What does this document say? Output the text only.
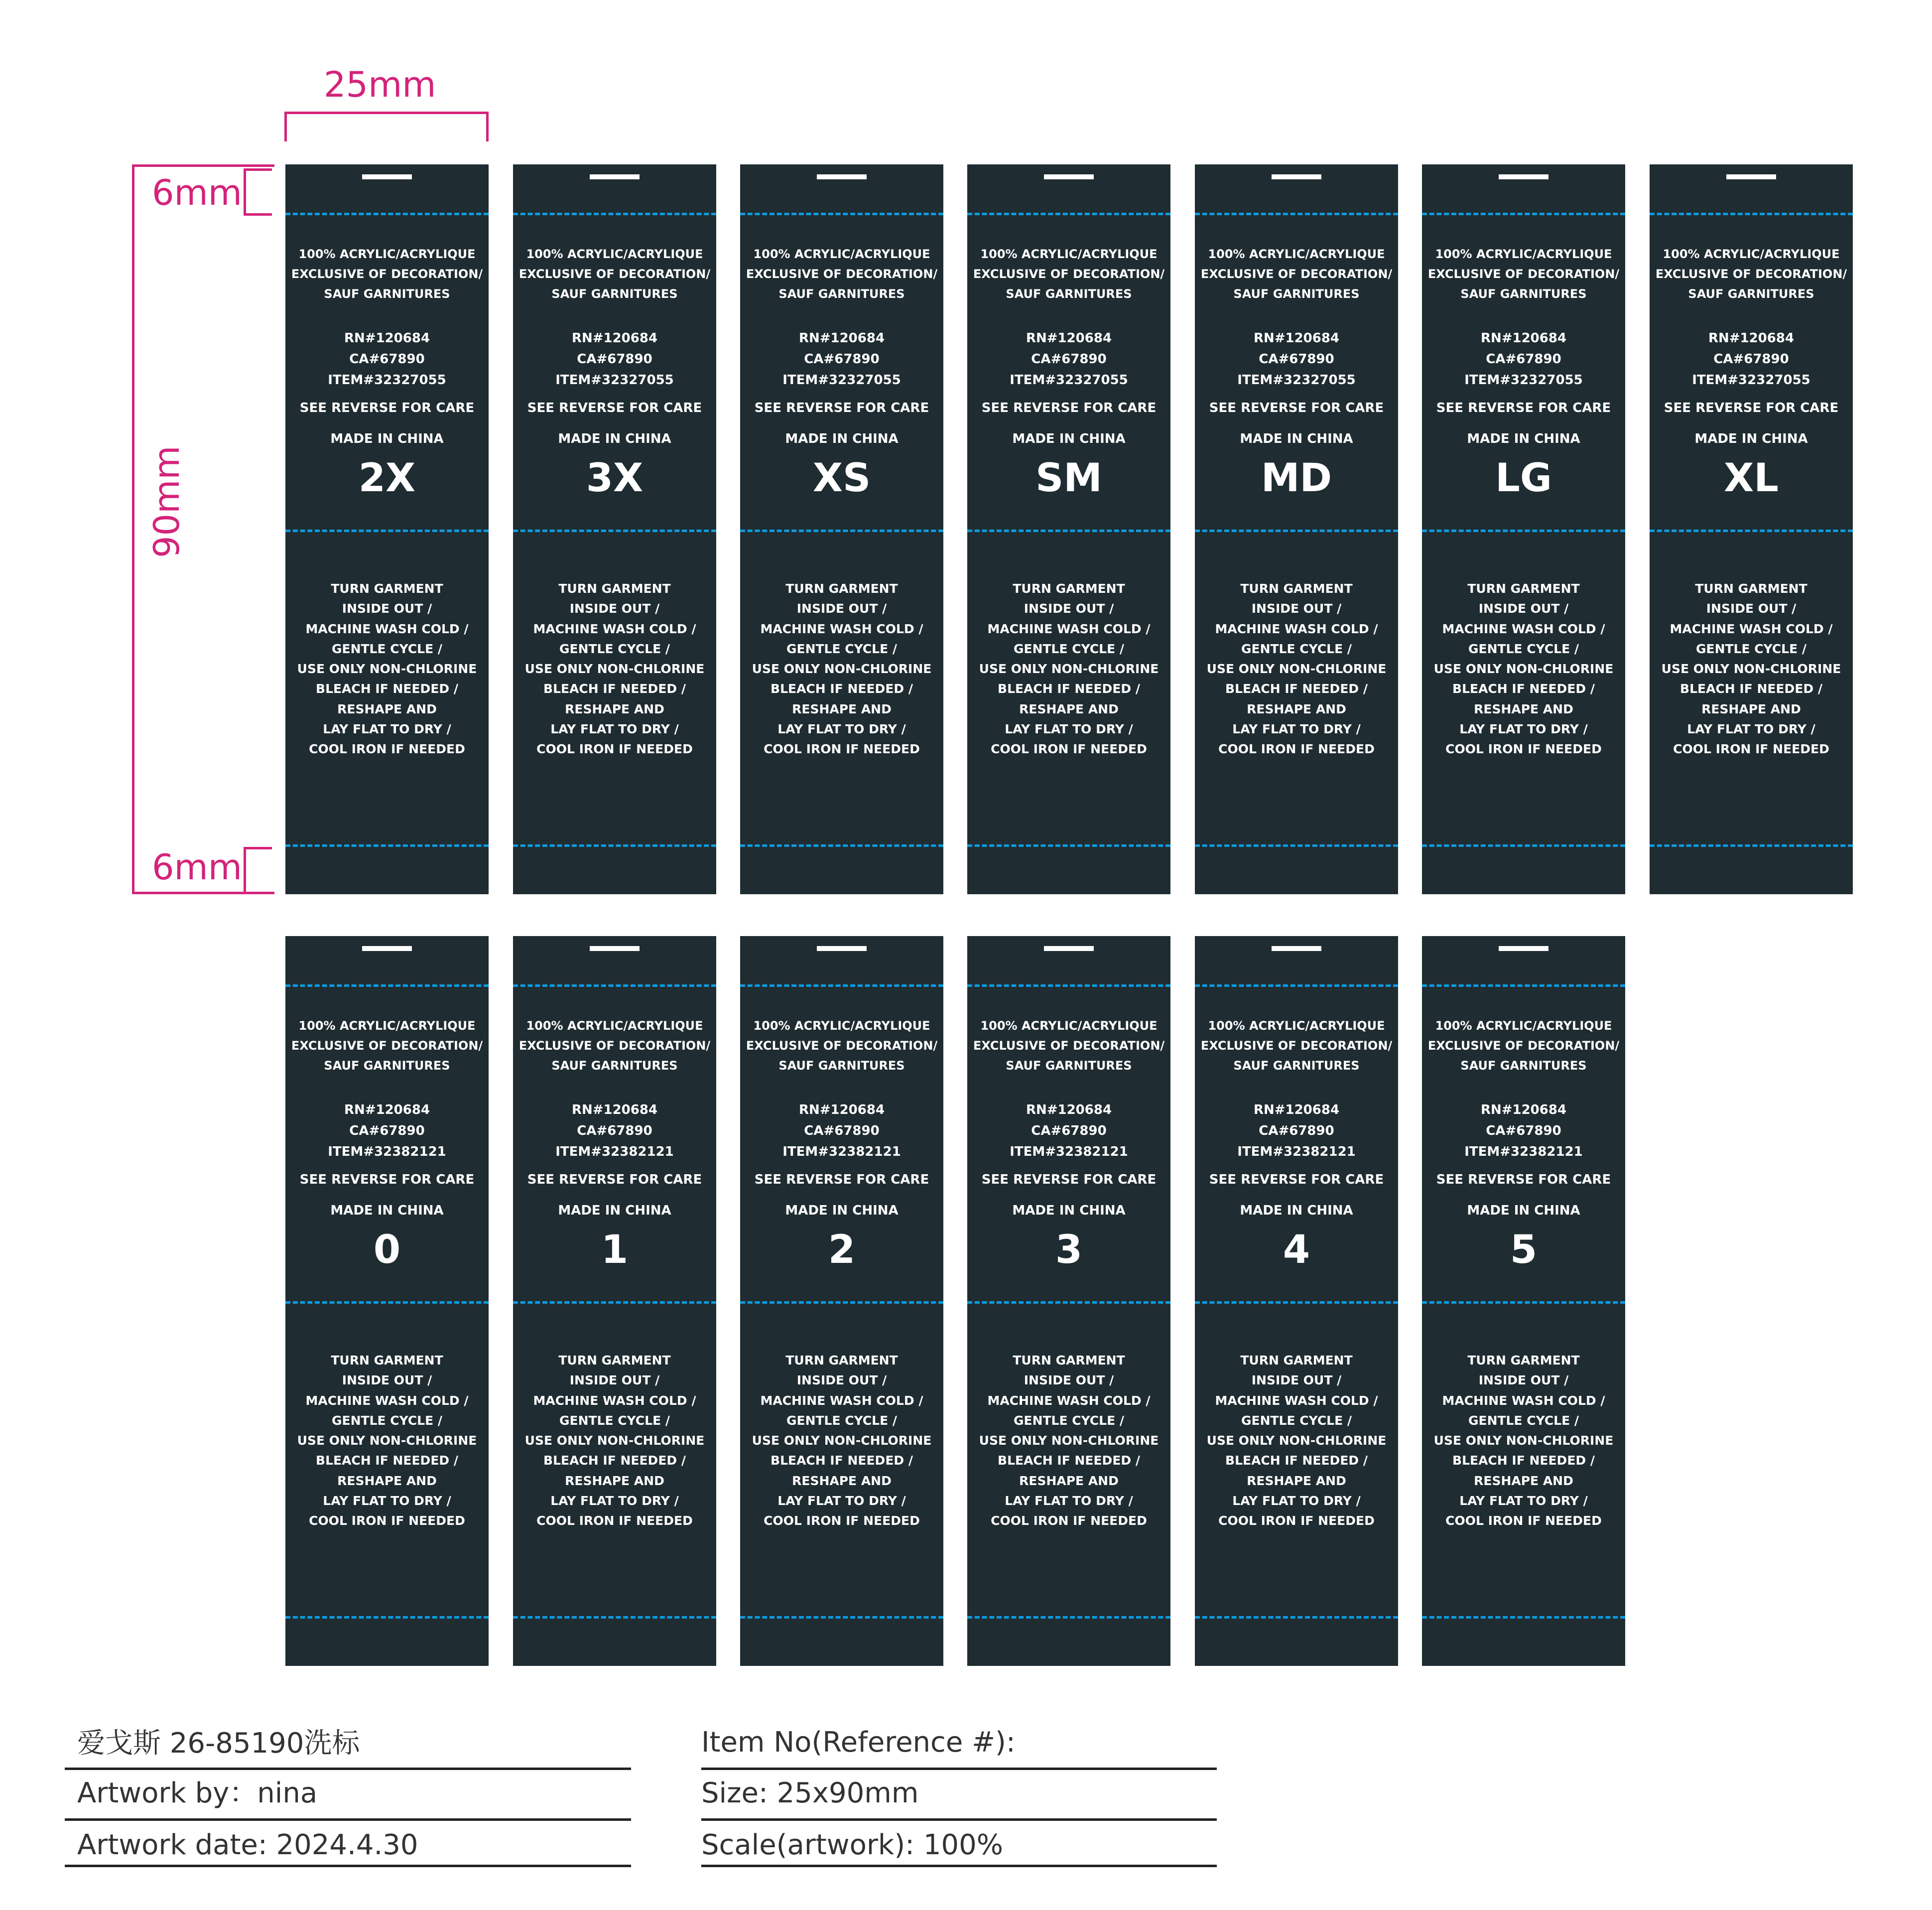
25mm
90mm
6mm
6mm
100% ACRYLIC/ACRYLIQUE
EXCLUSIVE OF DECORATION/
SAUF GARNITURES
RN#120684
CA#67890
ITEM#32327055
SEE REVERSE FOR CARE
MADE IN CHINA
2X
TURN GARMENT
INSIDE OUT /
MACHINE WASH COLD /
GENTLE CYCLE /
USE ONLY NON-CHLORINE
BLEACH IF NEEDED /
RESHAPE AND
LAY FLAT TO DRY /
COOL IRON IF NEEDED
100% ACRYLIC/ACRYLIQUE
EXCLUSIVE OF DECORATION/
SAUF GARNITURES
RN#120684
CA#67890
ITEM#32327055
SEE REVERSE FOR CARE
MADE IN CHINA
3X
TURN GARMENT
INSIDE OUT /
MACHINE WASH COLD /
GENTLE CYCLE /
USE ONLY NON-CHLORINE
BLEACH IF NEEDED /
RESHAPE AND
LAY FLAT TO DRY /
COOL IRON IF NEEDED
100% ACRYLIC/ACRYLIQUE
EXCLUSIVE OF DECORATION/
SAUF GARNITURES
RN#120684
CA#67890
ITEM#32327055
SEE REVERSE FOR CARE
MADE IN CHINA
XS
TURN GARMENT
INSIDE OUT /
MACHINE WASH COLD /
GENTLE CYCLE /
USE ONLY NON-CHLORINE
BLEACH IF NEEDED /
RESHAPE AND
LAY FLAT TO DRY /
COOL IRON IF NEEDED
100% ACRYLIC/ACRYLIQUE
EXCLUSIVE OF DECORATION/
SAUF GARNITURES
RN#120684
CA#67890
ITEM#32327055
SEE REVERSE FOR CARE
MADE IN CHINA
SM
TURN GARMENT
INSIDE OUT /
MACHINE WASH COLD /
GENTLE CYCLE /
USE ONLY NON-CHLORINE
BLEACH IF NEEDED /
RESHAPE AND
LAY FLAT TO DRY /
COOL IRON IF NEEDED
100% ACRYLIC/ACRYLIQUE
EXCLUSIVE OF DECORATION/
SAUF GARNITURES
RN#120684
CA#67890
ITEM#32327055
SEE REVERSE FOR CARE
MADE IN CHINA
MD
TURN GARMENT
INSIDE OUT /
MACHINE WASH COLD /
GENTLE CYCLE /
USE ONLY NON-CHLORINE
BLEACH IF NEEDED /
RESHAPE AND
LAY FLAT TO DRY /
COOL IRON IF NEEDED
100% ACRYLIC/ACRYLIQUE
EXCLUSIVE OF DECORATION/
SAUF GARNITURES
RN#120684
CA#67890
ITEM#32327055
SEE REVERSE FOR CARE
MADE IN CHINA
LG
TURN GARMENT
INSIDE OUT /
MACHINE WASH COLD /
GENTLE CYCLE /
USE ONLY NON-CHLORINE
BLEACH IF NEEDED /
RESHAPE AND
LAY FLAT TO DRY /
COOL IRON IF NEEDED
100% ACRYLIC/ACRYLIQUE
EXCLUSIVE OF DECORATION/
SAUF GARNITURES
RN#120684
CA#67890
ITEM#32327055
SEE REVERSE FOR CARE
MADE IN CHINA
XL
TURN GARMENT
INSIDE OUT /
MACHINE WASH COLD /
GENTLE CYCLE /
USE ONLY NON-CHLORINE
BLEACH IF NEEDED /
RESHAPE AND
LAY FLAT TO DRY /
COOL IRON IF NEEDED
100% ACRYLIC/ACRYLIQUE
EXCLUSIVE OF DECORATION/
SAUF GARNITURES
RN#120684
CA#67890
ITEM#32382121
SEE REVERSE FOR CARE
MADE IN CHINA
0
TURN GARMENT
INSIDE OUT /
MACHINE WASH COLD /
GENTLE CYCLE /
USE ONLY NON-CHLORINE
BLEACH IF NEEDED /
RESHAPE AND
LAY FLAT TO DRY /
COOL IRON IF NEEDED
100% ACRYLIC/ACRYLIQUE
EXCLUSIVE OF DECORATION/
SAUF GARNITURES
RN#120684
CA#67890
ITEM#32382121
SEE REVERSE FOR CARE
MADE IN CHINA
1
TURN GARMENT
INSIDE OUT /
MACHINE WASH COLD /
GENTLE CYCLE /
USE ONLY NON-CHLORINE
BLEACH IF NEEDED /
RESHAPE AND
LAY FLAT TO DRY /
COOL IRON IF NEEDED
100% ACRYLIC/ACRYLIQUE
EXCLUSIVE OF DECORATION/
SAUF GARNITURES
RN#120684
CA#67890
ITEM#32382121
SEE REVERSE FOR CARE
MADE IN CHINA
2
TURN GARMENT
INSIDE OUT /
MACHINE WASH COLD /
GENTLE CYCLE /
USE ONLY NON-CHLORINE
BLEACH IF NEEDED /
RESHAPE AND
LAY FLAT TO DRY /
COOL IRON IF NEEDED
100% ACRYLIC/ACRYLIQUE
EXCLUSIVE OF DECORATION/
SAUF GARNITURES
RN#120684
CA#67890
ITEM#32382121
SEE REVERSE FOR CARE
MADE IN CHINA
3
TURN GARMENT
INSIDE OUT /
MACHINE WASH COLD /
GENTLE CYCLE /
USE ONLY NON-CHLORINE
BLEACH IF NEEDED /
RESHAPE AND
LAY FLAT TO DRY /
COOL IRON IF NEEDED
100% ACRYLIC/ACRYLIQUE
EXCLUSIVE OF DECORATION/
SAUF GARNITURES
RN#120684
CA#67890
ITEM#32382121
SEE REVERSE FOR CARE
MADE IN CHINA
4
TURN GARMENT
INSIDE OUT /
MACHINE WASH COLD /
GENTLE CYCLE /
USE ONLY NON-CHLORINE
BLEACH IF NEEDED /
RESHAPE AND
LAY FLAT TO DRY /
COOL IRON IF NEEDED
100% ACRYLIC/ACRYLIQUE
EXCLUSIVE OF DECORATION/
SAUF GARNITURES
RN#120684
CA#67890
ITEM#32382121
SEE REVERSE FOR CARE
MADE IN CHINA
5
TURN GARMENT
INSIDE OUT /
MACHINE WASH COLD /
GENTLE CYCLE /
USE ONLY NON-CHLORINE
BLEACH IF NEEDED /
RESHAPE AND
LAY FLAT TO DRY /
COOL IRON IF NEEDED
爱戈斯 26-85190洗标
Artwork by：nina
Artwork date: 2024.4.30
Item No(Reference #):
Size: 25x90mm
Scale(artwork): 100%
